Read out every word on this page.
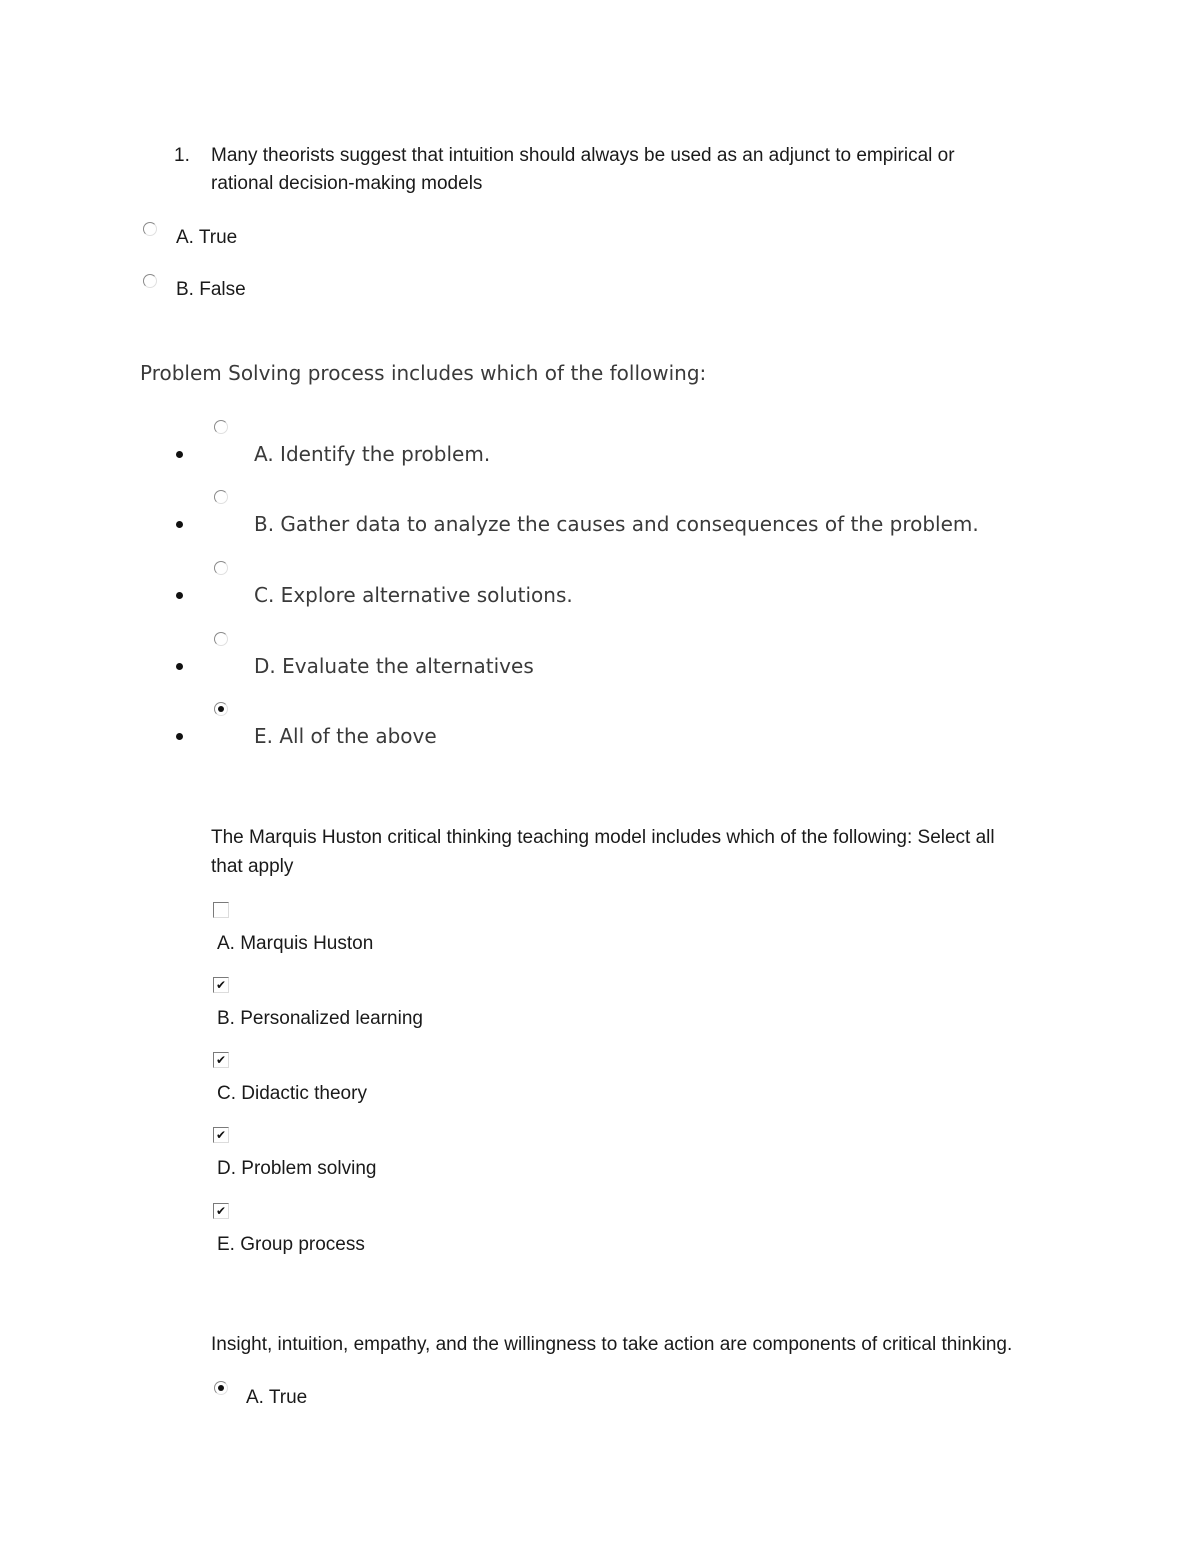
1. Many theorists suggest that intuition should always be used as an adjunct to empirical or
rational decision-making models
A. True
B. False
Problem Solving process includes which of the following:
A. Identify the problem.
B. Gather data to analyze the causes and consequences of the problem.
C. Explore alternative solutions.
D. Evaluate the alternatives
E. All of the above
The Marquis Huston critical thinking teaching model includes which of the following: Select all
that apply
A. Marquis Huston
✔
B. Personalized learning
✔
C. Didactic theory
✔
D. Problem solving
✔
E. Group process
Insight, intuition, empathy, and the willingness to take action are components of critical thinking.
A. True
